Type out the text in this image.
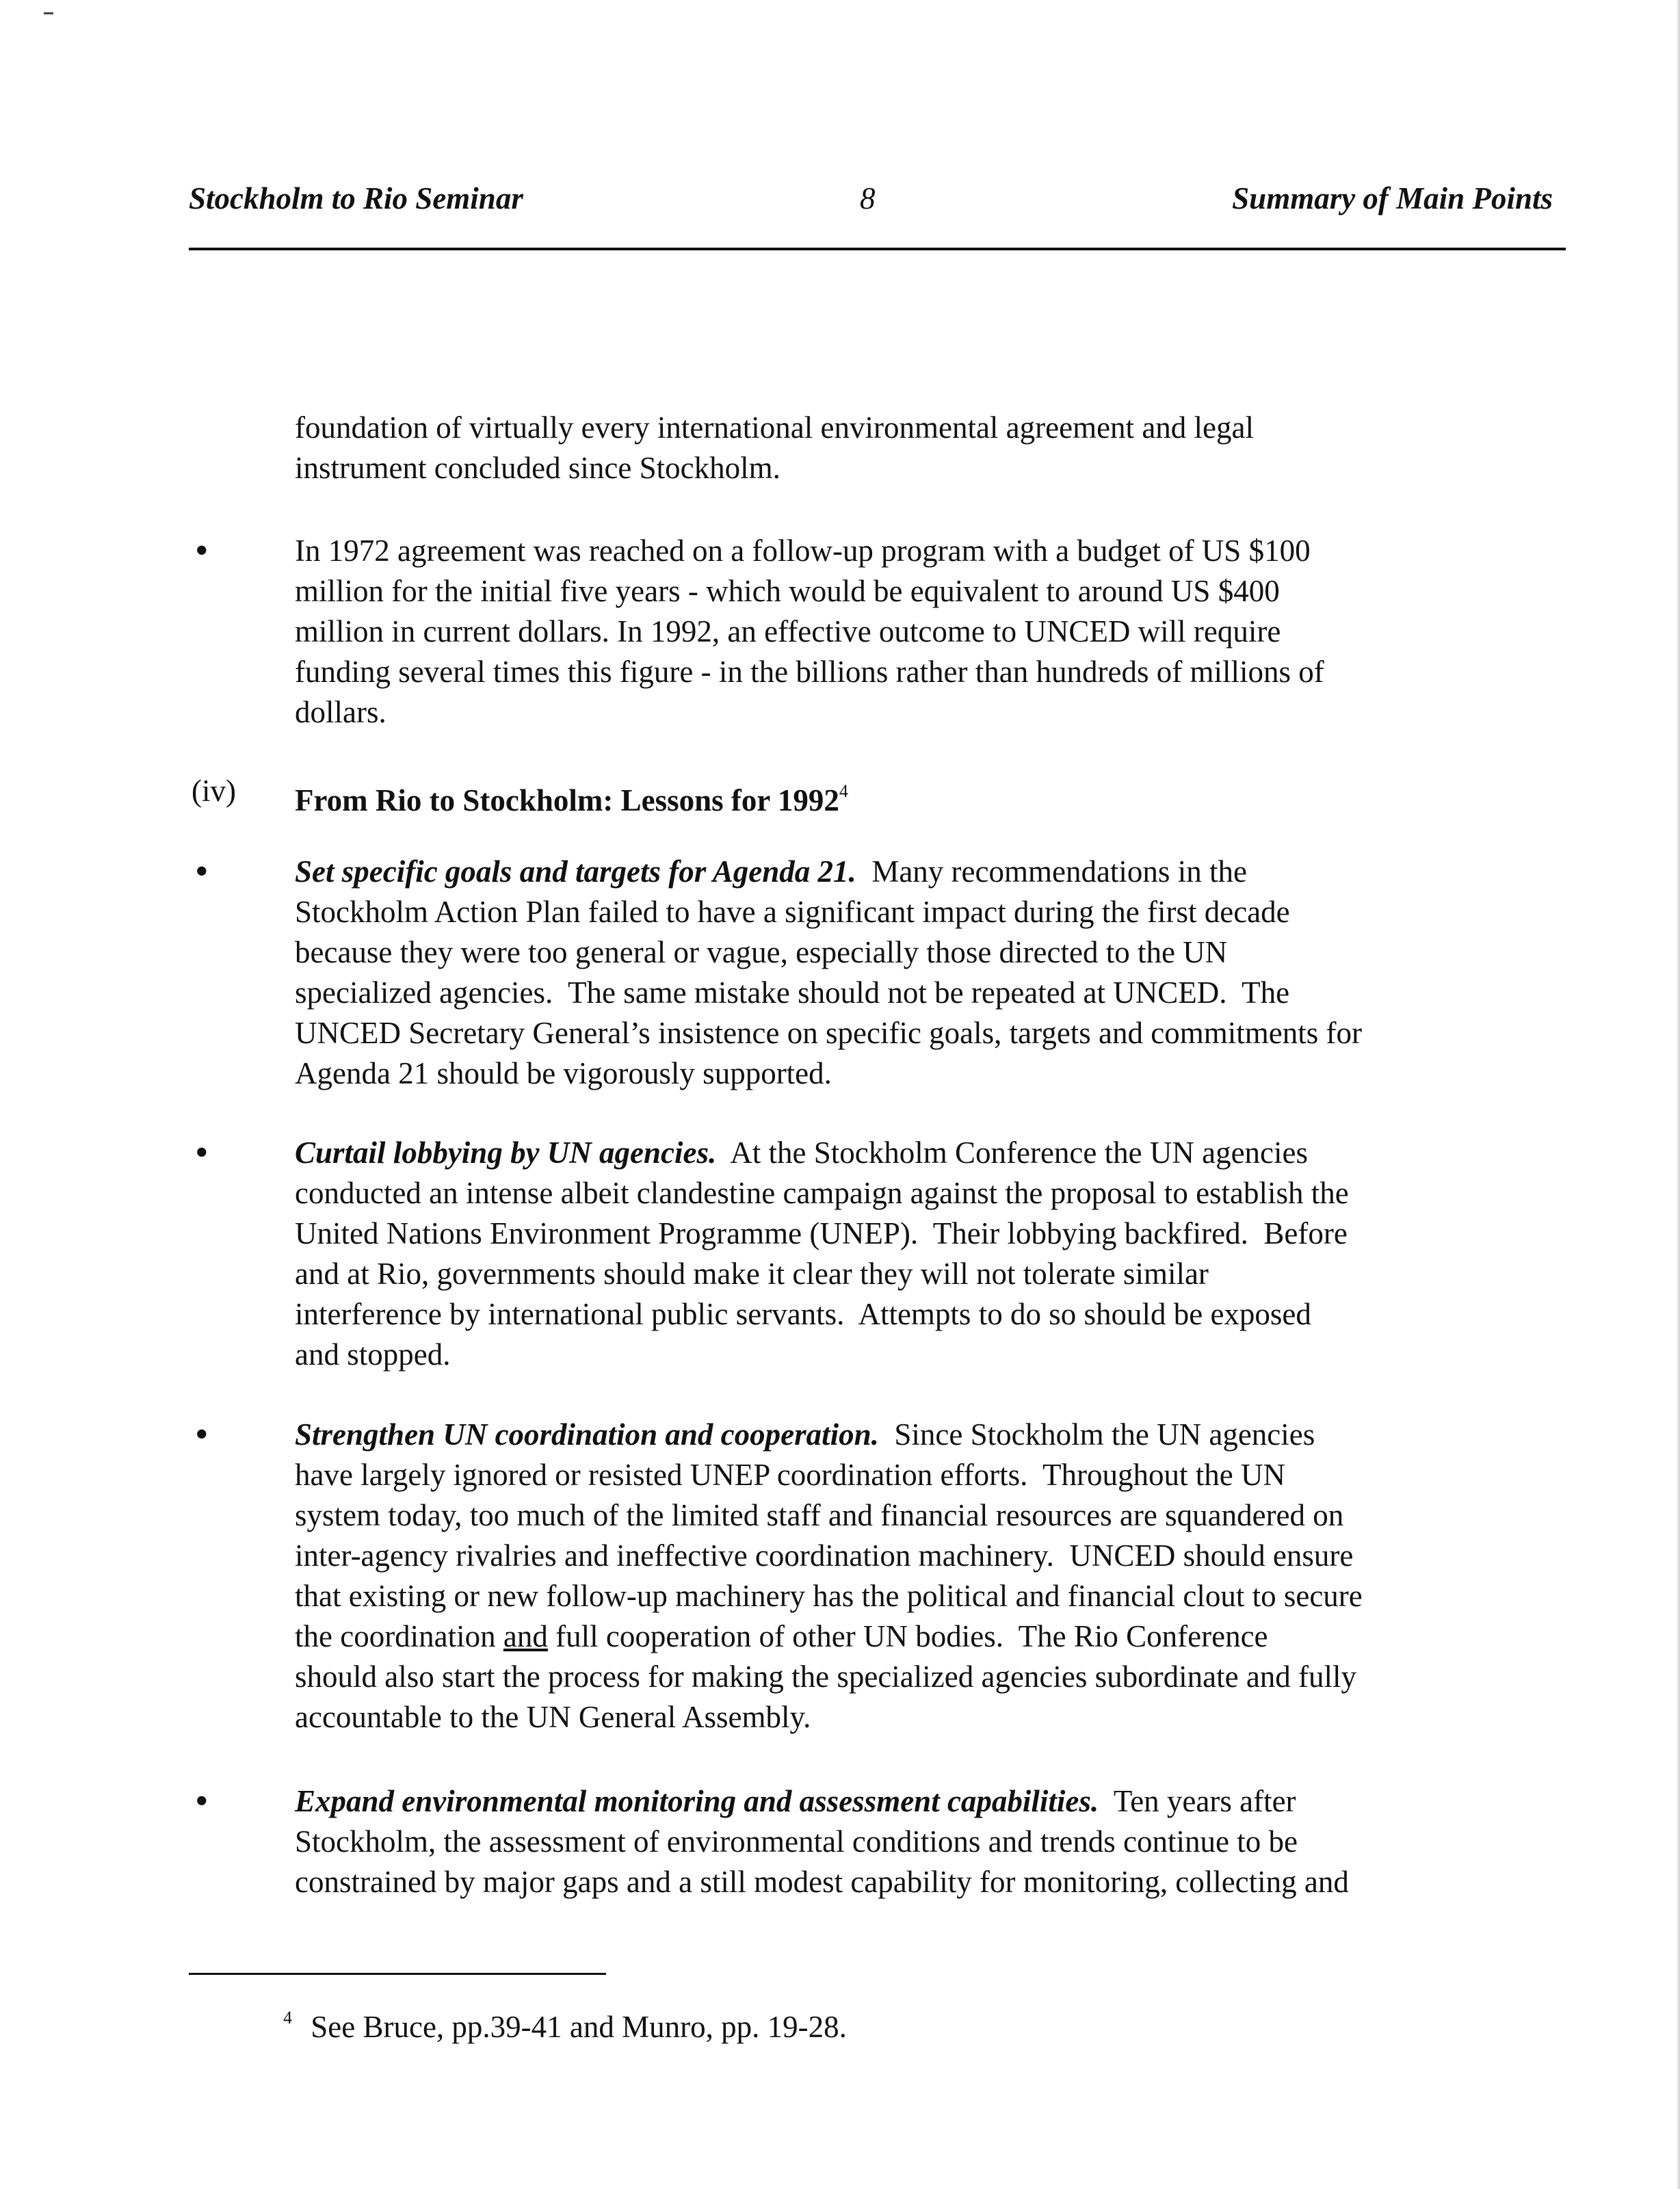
Stockholm to Rio Seminar	8	Summary of Main Points
foundation of virtually every international environmental agreement and legal
instrument concluded since Stockholm.
•	In 1972 agreement was reached on a follow-up program with a budget of US $100
million for the initial five years - which would be equivalent to around US $400
million in current dollars. In 1992, an effective outcome to UNCED will require
funding several times this figure - in the billions rather than hundreds of millions of
dollars.
(iv) From Rio to Stockholm: Lessons for 1992$^4$
•	Set specific goals and targets for Agenda 21.  Many recommendations in the
Stockholm Action Plan failed to have a significant impact during the first decade
because they were too general or vague, especially those directed to the UN
specialized agencies.  The same mistake should not be repeated at UNCED.  The
UNCED Secretary General’s insistence on specific goals, targets and commitments for
Agenda 21 should be vigorously supported.
•	Curtail lobbying by UN agencies.  At the Stockholm Conference the UN agencies
conducted an intense albeit clandestine campaign against the proposal to establish the
United Nations Environment Programme (UNEP).  Their lobbying backfired.  Before
and at Rio, governments should make it clear they will not tolerate similar
interference by international public servants.  Attempts to do so should be exposed
and stopped.
•	Strengthen UN coordination and cooperation.  Since Stockholm the UN agencies
have largely ignored or resisted UNEP coordination efforts.  Throughout the UN
system today, too much of the limited staff and financial resources are squandered on
inter-agency rivalries and ineffective coordination machinery.  UNCED should ensure
that existing or new follow-up machinery has the political and financial clout to secure
the coordination and full cooperation of other UN bodies.  The Rio Conference
should also start the process for making the specialized agencies subordinate and fully
accountable to the UN General Assembly.
•	Expand environmental monitoring and assessment capabilities.  Ten years after
Stockholm, the assessment of environmental conditions and trends continue to be
constrained by major gaps and a still modest capability for monitoring, collecting and
$^4$ See Bruce, pp.39-41 and Munro, pp. 19-28.
